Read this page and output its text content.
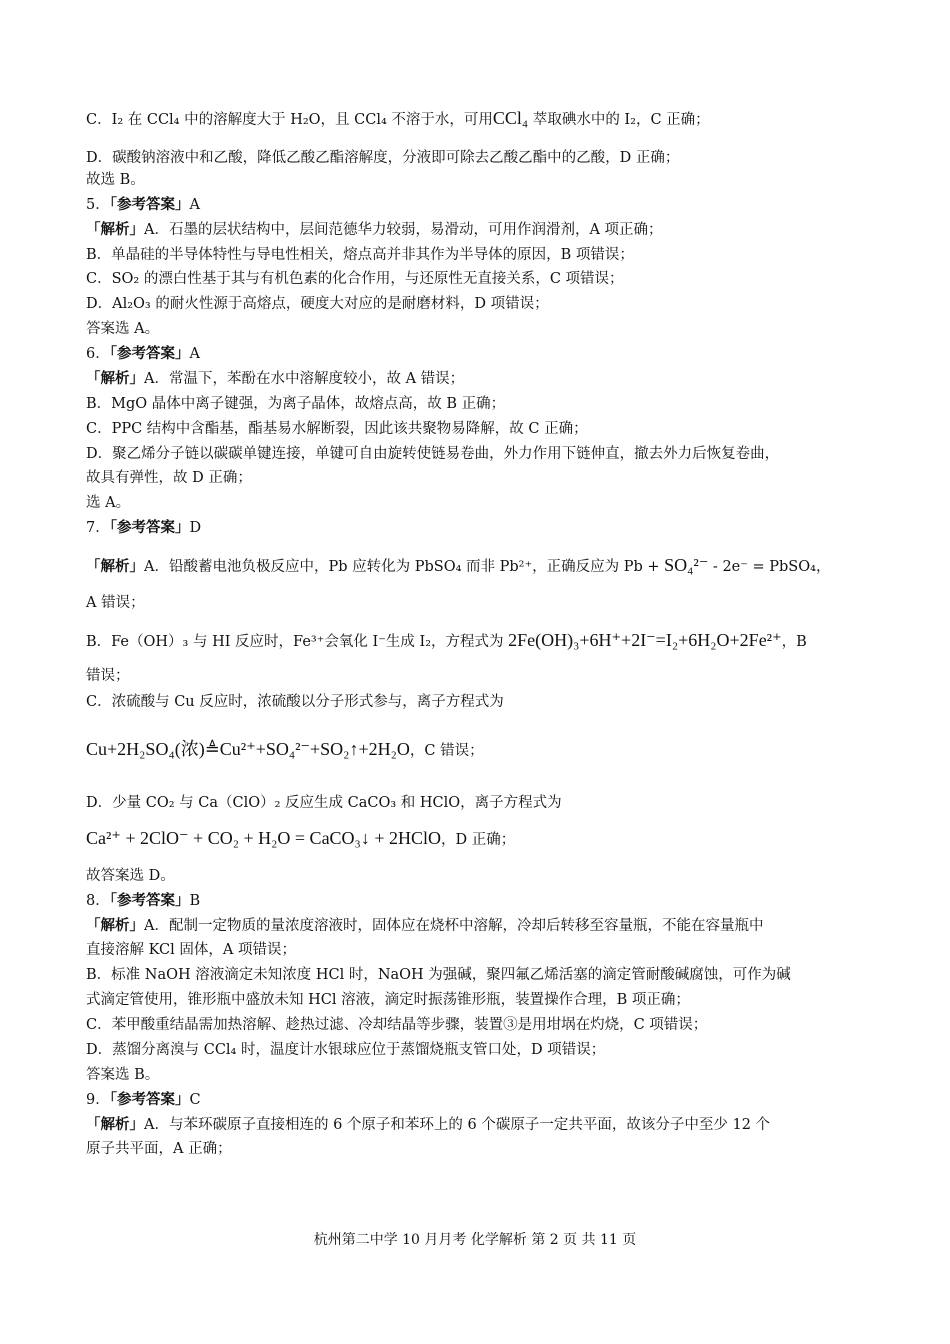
C．I₂ 在 CCl₄ 中的溶解度大于 H₂O，且 CCl₄ 不溶于水，可用CCl₄ 萃取碘水中的 I₂，C 正确；
D．碳酸钠溶液中和乙酸，降低乙酸乙酯溶解度，分液即可除去乙酸乙酯中的乙酸，D 正确；
故选 B。
5．「参考答案」A
「解析」A．石墨的层状结构中，层间范德华力较弱，易滑动，可用作润滑剂，A 项正确；
B．单晶硅的半导体特性与导电性相关，熔点高并非其作为半导体的原因，B 项错误；
C．SO₂ 的漂白性基于其与有机色素的化合作用，与还原性无直接关系，C 项错误；
D．Al₂O₃ 的耐火性源于高熔点，硬度大对应的是耐磨材料，D 项错误；
答案选 A。
6．「参考答案」A
「解析」A．常温下，苯酚在水中溶解度较小，故 A 错误；
B．MgO 晶体中离子键强，为离子晶体，故熔点高，故 B 正确；
C．PPC 结构中含酯基，酯基易水解断裂，因此该共聚物易降解，故 C 正确；
D．聚乙烯分子链以碳碳单键连接，单键可自由旋转使链易卷曲，外力作用下链伸直，撤去外力后恢复卷曲，
故具有弹性，故 D 正确；
选 A。
7．「参考答案」D
「解析」A．铅酸蓄电池负极反应中，Pb 应转化为 PbSO₄ 而非 Pb²⁺，正确反应为 Pb + SO₄²⁻ - 2e⁻ = PbSO₄，
A 错误；
B．Fe（OH）₃ 与 HI 反应时，Fe³⁺会氧化 I⁻生成 I₂，方程式为 2Fe(OH)₃+6H⁺+2I⁻=I₂+6H₂O+2Fe²⁺，B
错误；
C．浓硫酸与 Cu 反应时，浓硫酸以分子形式参与，离子方程式为
Cu+2H₂SO₄(浓)≜Cu²⁺+SO₄²⁻+SO₂↑+2H₂O，C 错误；
D．少量 CO₂ 与 Ca（ClO）₂ 反应生成 CaCO₃ 和 HClO，离子方程式为
Ca²⁺ + 2ClO⁻ + CO₂ + H₂O = CaCO₃↓ + 2HClO，D 正确；
故答案选 D。
8．「参考答案」B
「解析」A．配制一定物质的量浓度溶液时，固体应在烧杯中溶解，冷却后转移至容量瓶，不能在容量瓶中
直接溶解 KCl 固体，A 项错误；
B．标准 NaOH 溶液滴定未知浓度 HCl 时，NaOH 为强碱，聚四氟乙烯活塞的滴定管耐酸碱腐蚀，可作为碱
式滴定管使用，锥形瓶中盛放未知 HCl 溶液，滴定时振荡锥形瓶，装置操作合理，B 项正确；
C．苯甲酸重结晶需加热溶解、趁热过滤、冷却结晶等步骤，装置③是用坩埚在灼烧，C 项错误；
D．蒸馏分离溴与 CCl₄ 时，温度计水银球应位于蒸馏烧瓶支管口处，D 项错误；
答案选 B。
9．「参考答案」C
「解析」A．与苯环碳原子直接相连的 6 个原子和苯环上的 6 个碳原子一定共平面，故该分子中至少 12 个
原子共平面，A 正确；
杭州第二中学 10 月月考 化学解析 第 2 页 共 11 页
